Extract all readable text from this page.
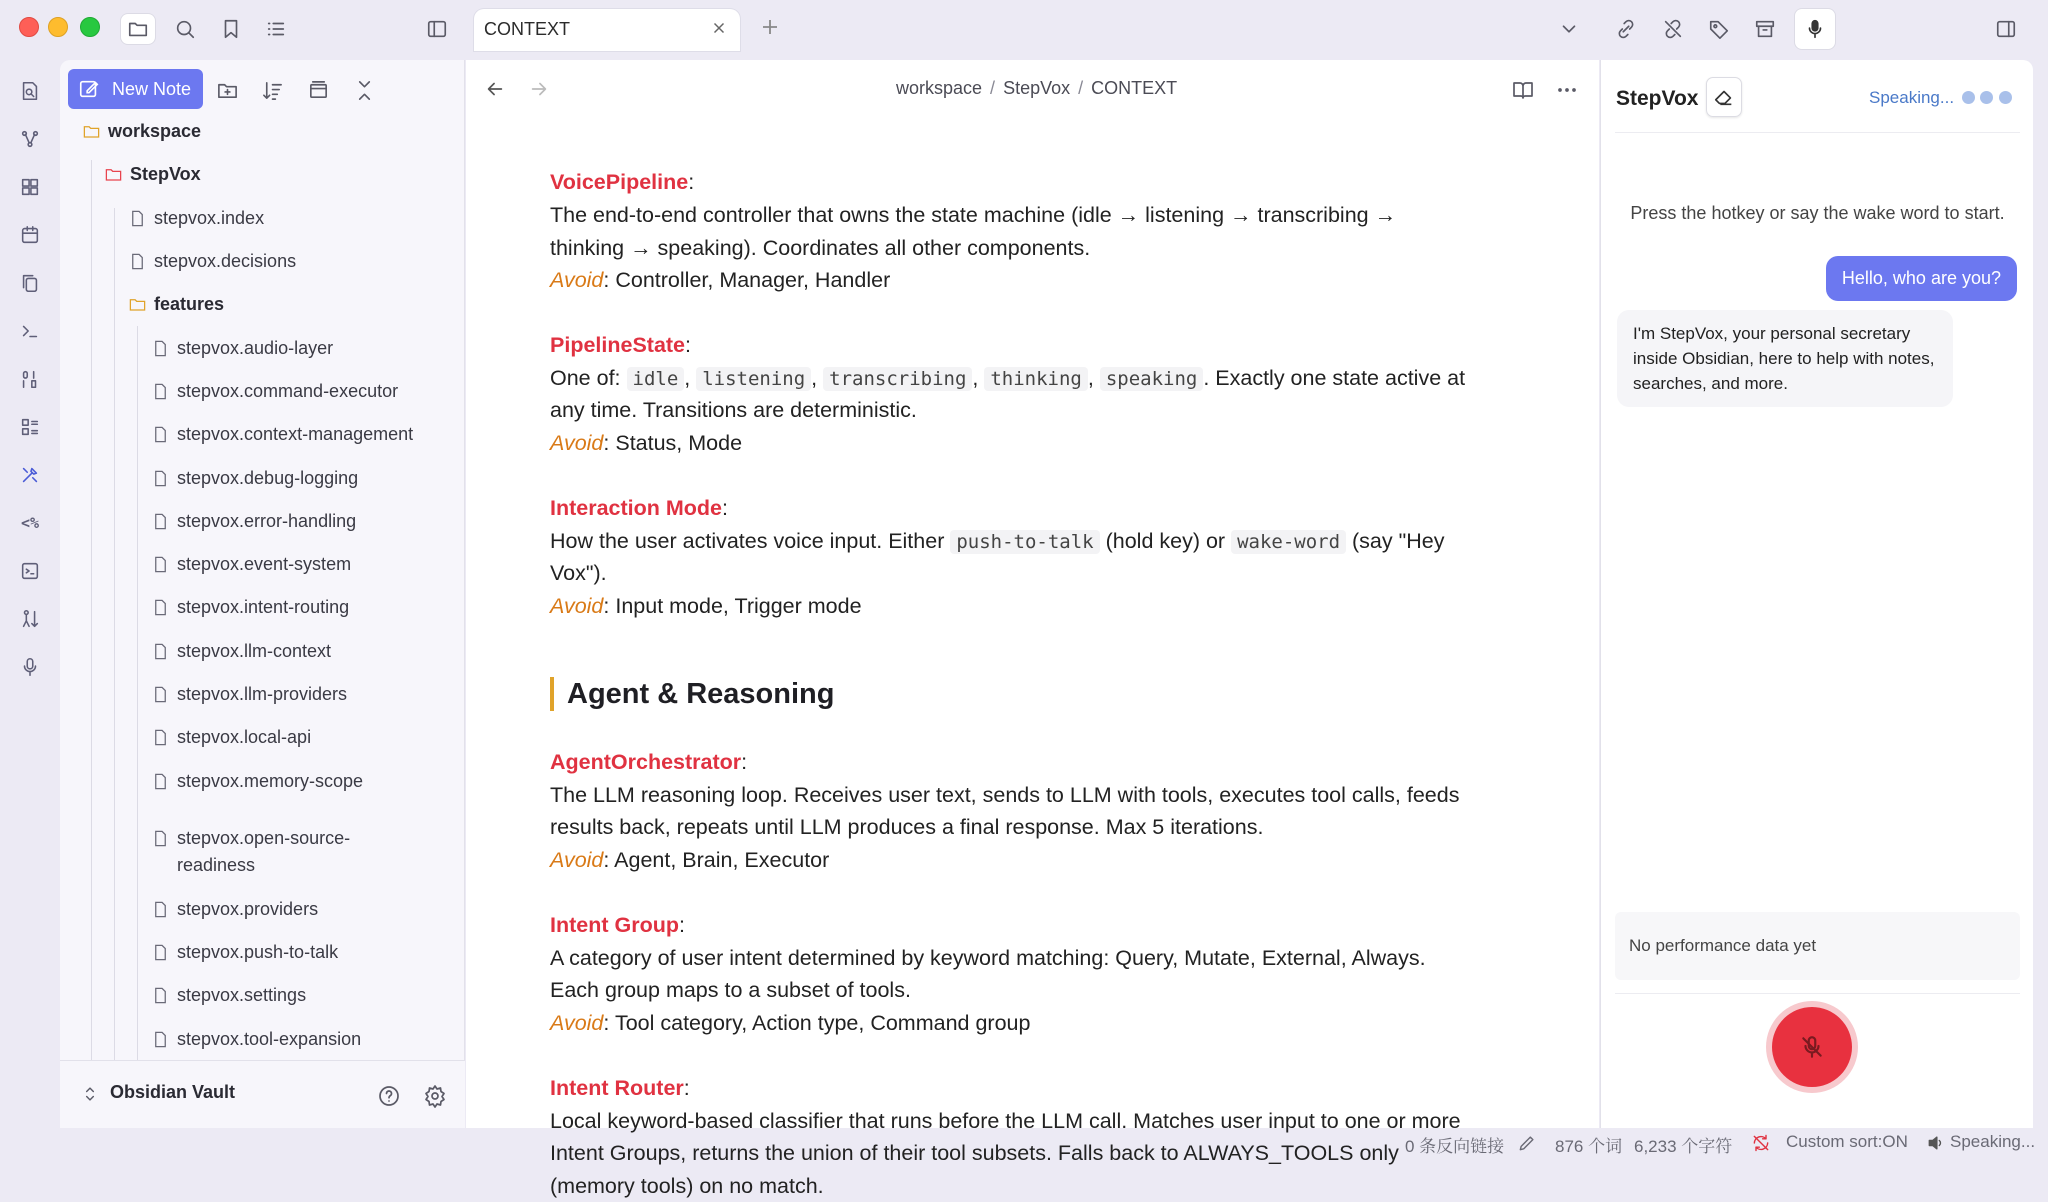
CONTEXT
<%
New Note
workspace
StepVox
stepvox.index
stepvox.decisions
features
stepvox.audio-layer
stepvox.command-executor
stepvox.context-management
stepvox.debug-logging
stepvox.error-handling
stepvox.event-system
stepvox.intent-routing
stepvox.llm-context
stepvox.llm-providers
stepvox.local-api
stepvox.memory-scope
stepvox.open-source-
readiness
stepvox.providers
stepvox.push-to-talk
stepvox.settings
stepvox.tool-expansion
Obsidian Vault
workspace / StepVox / CONTEXT
VoicePipeline:
The end-to-end controller that owns the state machine (idle → listening → transcribing →
thinking → speaking). Coordinates all other components.
Avoid: Controller, Manager, Handler
PipelineState:
One of: idle , listening , transcribing , thinking , speaking . Exactly one state active at
any time. Transitions are deterministic.
Avoid: Status, Mode
Interaction Mode:
How the user activates voice input. Either push-to-talk (hold key) or wake-word (say "Hey
Vox").
Avoid: Input mode, Trigger mode
Agent & Reasoning
AgentOrchestrator:
The LLM reasoning loop. Receives user text, sends to LLM with tools, executes tool calls, feeds
results back, repeats until LLM produces a final response. Max 5 iterations.
Avoid: Agent, Brain, Executor
Intent Group:
A category of user intent determined by keyword matching: Query, Mutate, External, Always.
Each group maps to a subset of tools.
Avoid: Tool category, Action type, Command group
Intent Router:
Local keyword-based classifier that runs before the LLM call. Matches user input to one or more
Intent Groups, returns the union of their tool subsets. Falls back to ALWAYS_TOOLS only
(memory tools) on no match.
StepVox	Speaking...
Press the hotkey or say the wake word to start.
Hello, who are you?
I'm StepVox, your personal secretary inside Obsidian, here to help with notes, searches, and more.
No performance data yet
0 条反向链接	876 个词 6,233 个字符	Custom sort:ON Speaking...
